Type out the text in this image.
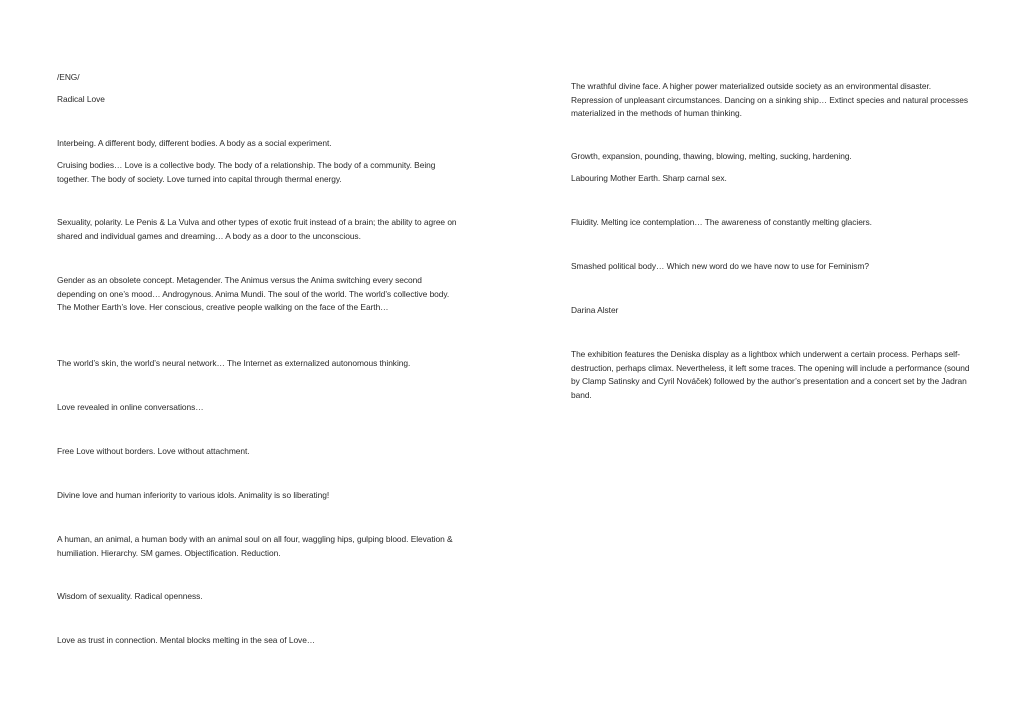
/ENG/

Radical Love

Interbeing. A different body, different bodies. A body as a social experiment.

Cruising bodies… Love is a collective body. The body of a relationship. The body of a community. Being together. The body of society. Love turned into capital through thermal energy.

Sexuality, polarity. Le Penis & La Vulva and other types of exotic fruit instead of a brain; the ability to agree on shared and individual games and dreaming… A body as a door to the unconscious.

Gender as an obsolete concept. Metagender. The Animus versus the Anima switching every second depending on one’s mood… Androgynous. Anima Mundi. The soul of the world. The world’s collective body. The Mother Earth’s love. Her conscious, creative people walking on the face of the Earth…

The world’s skin, the world’s neural network… The Internet as externalized autonomous thinking.

Love revealed in online conversations…

Free Love without borders. Love without attachment.

Divine love and human inferiority to various idols. Animality is so liberating!

A human, an animal, a human body with an animal soul on all four, waggling hips, gulping blood. Elevation & humiliation. Hierarchy. SM games. Objectification. Reduction.

Wisdom of sexuality. Radical openness.

Love as trust in connection. Mental blocks melting in the sea of Love…

The wrathful divine face. A higher power materialized outside society as an environmental disaster. Repression of unpleasant circumstances. Dancing on a sinking ship… Extinct species and natural processes materialized in the methods of human thinking.

Growth, expansion, pounding, thawing, blowing, melting, sucking, hardening.

Labouring Mother Earth. Sharp carnal sex.

Fluidity. Melting ice contemplation… The awareness of constantly melting glaciers.

Smashed political body… Which new word do we have now to use for Feminism?

Darina Alster

The exhibition features the Deniska display as a lightbox which underwent a certain process. Perhaps self-destruction, perhaps climax. Nevertheless, it left some traces. The opening will include a performance (sound by Clamp Satinsky and Cyril Nováček) followed by the author’s presentation and a concert set by the Jadran band.
